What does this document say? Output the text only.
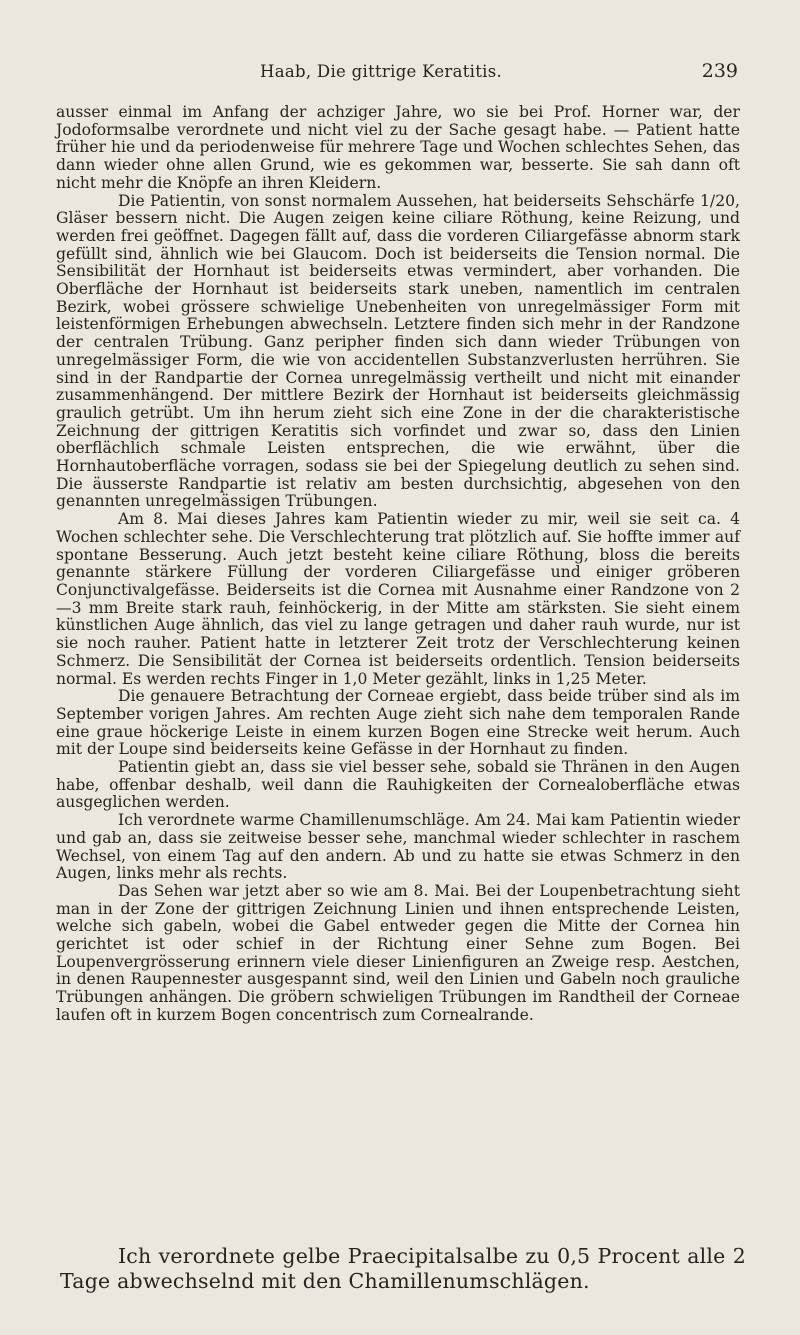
Haab, Die gittrige Keratitis.	239

ausser einmal im Anfang der achziger Jahre, wo sie bei Prof. Horner war, der Jodoformsalbe verordnete und nicht viel zu der Sache gesagt habe. — Patient hatte früher hie und da periodenweise für mehrere Tage und Wochen schlechtes Sehen, das dann wieder ohne allen Grund, wie es gekommen war, besserte. Sie sah dann oft nicht mehr die Knöpfe an ihren Kleidern.

Die Patientin, von sonst normalem Aussehen, hat beiderseits Sehschärfe 1/20, Gläser bessern nicht. Die Augen zeigen keine ciliare Röthung, keine Reizung, und werden frei geöffnet. Dagegen fällt auf, dass die vorderen Ciliargefässe abnorm stark gefüllt sind, ähnlich wie bei Glaucom. Doch ist beiderseits die Tension normal. Die Sensibilität der Hornhaut ist beiderseits etwas vermindert, aber vorhanden. Die Oberfläche der Hornhaut ist beiderseits stark uneben, namentlich im centralen Bezirk, wobei grössere schwielige Unebenheiten von unregelmässiger Form mit leistenförmigen Erhebungen abwechseln. Letztere finden sich mehr in der Randzone der centralen Trübung. Ganz peripher finden sich dann wieder Trübungen von unregelmässiger Form, die wie von accidentellen Substanzverlusten herrühren. Sie sind in der Randpartie der Cornea unregelmässig vertheilt und nicht mit einander zusammenhängend. Der mittlere Bezirk der Hornhaut ist beiderseits gleichmässig graulich getrübt. Um ihn herum zieht sich eine Zone in der die charakteristische Zeichnung der gittrigen Keratitis sich vorfindet und zwar so, dass den Linien oberflächlich schmale Leisten entsprechen, die wie erwähnt, über die Hornhautoberfläche vorragen, sodass sie bei der Spiegelung deutlich zu sehen sind. Die äusserste Randpartie ist relativ am besten durchsichtig, abgesehen von den genannten unregelmässigen Trübungen.

Am 8. Mai dieses Jahres kam Patientin wieder zu mir, weil sie seit ca. 4 Wochen schlechter sehe. Die Verschlechterung trat plötzlich auf. Sie hoffte immer auf spontane Besserung. Auch jetzt besteht keine ciliare Röthung, bloss die bereits genannte stärkere Füllung der vorderen Ciliargefässe und einiger gröberen Conjunctivalgefässe. Beiderseits ist die Cornea mit Ausnahme einer Randzone von 2—3 mm Breite stark rauh, feinhöckerig, in der Mitte am stärksten. Sie sieht einem künstlichen Auge ähnlich, das viel zu lange getragen und daher rauh wurde, nur ist sie noch rauher. Patient hatte in letzterer Zeit trotz der Verschlechterung keinen Schmerz. Die Sensibilität der Cornea ist beiderseits ordentlich. Tension beiderseits normal. Es werden rechts Finger in 1,0 Meter gezählt, links in 1,25 Meter.

Die genauere Betrachtung der Corneae ergiebt, dass beide trüber sind als im September vorigen Jahres. Am rechten Auge zieht sich nahe dem temporalen Rande eine graue höckerige Leiste in einem kurzen Bogen eine Strecke weit herum. Auch mit der Loupe sind beiderseits keine Gefässe in der Hornhaut zu finden.

Patientin giebt an, dass sie viel besser sehe, sobald sie Thränen in den Augen habe, offenbar deshalb, weil dann die Rauhigkeiten der Cornealoberfläche etwas ausgeglichen werden.

Ich verordnete warme Chamillenumschläge. Am 24. Mai kam Patientin wieder und gab an, dass sie zeitweise besser sehe, manchmal wieder schlechter in raschem Wechsel, von einem Tag auf den andern. Ab und zu hatte sie etwas Schmerz in den Augen, links mehr als rechts.

Das Sehen war jetzt aber so wie am 8. Mai. Bei der Loupenbetrachtung sieht man in der Zone der gittrigen Zeichnung Linien und ihnen entsprechende Leisten, welche sich gabeln, wobei die Gabel entweder gegen die Mitte der Cornea hin gerichtet ist oder schief in der Richtung einer Sehne zum Bogen. Bei Loupenvergrösserung erinnern viele dieser Linienfiguren an Zweige resp. Aestchen, in denen Raupennester ausgespannt sind, weil den Linien und Gabeln noch grauliche Trübungen anhängen. Die gröbern schwieligen Trübungen im Randtheil der Corneae laufen oft in kurzem Bogen concentrisch zum Cornealrande.

Ich verordnete gelbe Praecipitalsalbe zu 0,5 Procent alle 2 Tage abwechselnd mit den Chamillenumschlägen.
